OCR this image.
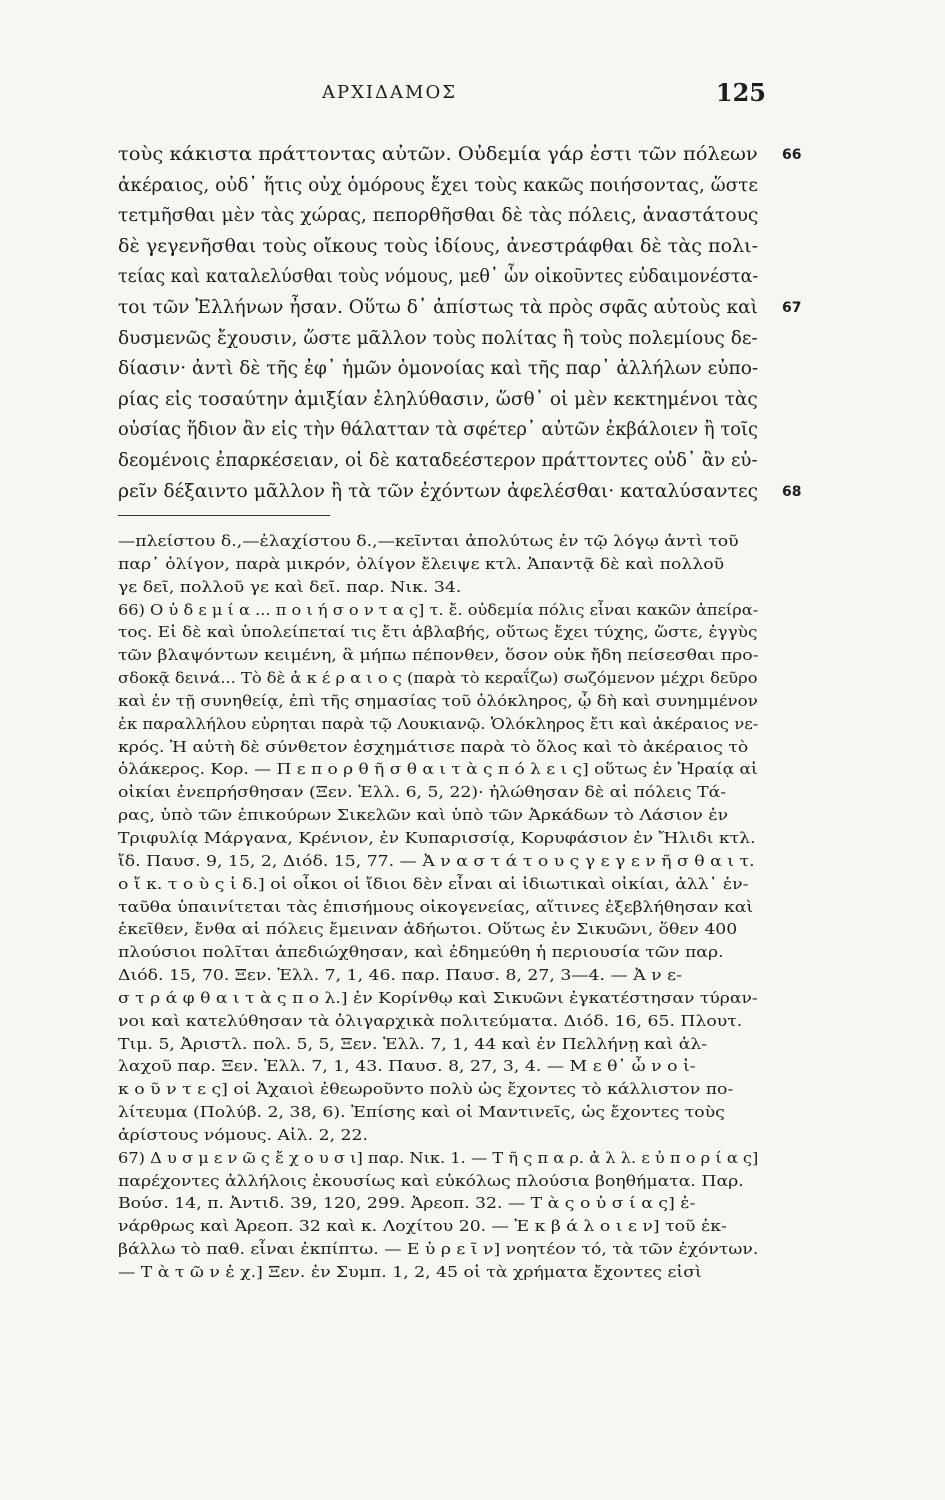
ΑΡΧΙΔΑΜΟΣ	125
τοὺς κάκιστα πράττοντας αὐτῶν. Οὐδεμία γάρ ἐστι τῶν πόλεων 66
ἀκέραιος, οὐδ᾽ ἥτις οὐχ ὁμόρους ἔχει τοὺς κακῶς ποιήσοντας, ὥστε
τετμῆσθαι μὲν τὰς χώρας, πεπορθῆσθαι δὲ τὰς πόλεις, ἀναστάτους
δὲ γεγενῆσθαι τοὺς οἴκους τοὺς ἰδίους, ἀνεστράφθαι δὲ τὰς πολι-
τείας καὶ καταλελύσθαι τοὺς νόμους, μεθ᾽ ὧν οἰκοῦντες εὐδαιμονέστα-
τοι τῶν Ἑλλήνων ἦσαν. Οὕτω δ᾽ ἀπίστως τὰ πρὸς σφᾶς αὐτοὺς καὶ 67
δυσμενῶς ἔχουσιν, ὥστε μᾶλλον τοὺς πολίτας ἢ τοὺς πολεμίους δε-
δίασιν· ἀντὶ δὲ τῆς ἐφ᾽ ἡμῶν ὁμονοίας καὶ τῆς παρ᾽ ἀλλήλων εὐπο-
ρίας εἰς τοσαύτην ἀμιξίαν ἐληλύθασιν, ὥσθ᾽ οἱ μὲν κεκτημένοι τὰς
οὐσίας ἥδιον ἂν εἰς τὴν θάλατταν τὰ σφέτερ᾽ αὐτῶν ἐκβάλοιεν ἢ τοῖς
δεομένοις ἐπαρκέσειαν, οἱ δὲ καταδεέστερον πράττοντες οὐδ᾽ ἂν εὑ-
ρεῖν δέξαιντο μᾶλλον ἢ τὰ τῶν ἐχόντων ἀφελέσθαι· καταλύσαντες 68
—πλείστου δ.,—ἐλαχίστου δ.,—κεῖνται ἀπολύτως ἐν τῷ λόγῳ ἀντὶ τοῦ
παρ᾽ ὀλίγον, παρὰ μικρόν, ὀλίγον ἔλειψε κτλ. Ἁπαντᾷ δὲ καὶ πολλοῦ
γε δεῖ, πολλοῦ γε καὶ δεῖ. παρ. Νικ. 34.
66) Ο ὐ δ ε μ ί α ... π ο ι ή σ ο ν τ α ς] τ. ἔ. οὐδεμία πόλις εἶναι κακῶν ἀπείρα-
τος. Εἰ δὲ καὶ ὑπολείπεταί τις ἔτι ἀβλαβής, οὕτως ἔχει τύχης, ὥστε, ἐγγὺς
τῶν βλαψόντων κειμένη, ἃ μήπω πέπονθεν, ὅσον οὐκ ἤδη πείσεσθαι προ-
σδοκᾷ δεινά... Τὸ δὲ ἀ κ έ ρ α ι ο ς (παρὰ τὸ κεραΐζω) σωζόμενον μέχρι δεῦρο
καὶ ἐν τῇ συνηθείᾳ, ἐπὶ τῆς σημασίας τοῦ ὁλόκληρος, ᾧ δὴ καὶ συνημμένον
ἐκ παραλλήλου εὑρηται παρὰ τῷ Λουκιανῷ. Ὁλόκληρος ἔτι καὶ ἀκέραιος νε-
κρός. Ἡ αὐτὴ δὲ σύνθετον ἐσχημάτισε παρὰ τὸ ὅλος καὶ τὸ ἀκέραιος τὸ
ὁλάκερος. Κορ. — Π ε π ο ρ θ ῆ σ θ α ι τ ὰ ς π ό λ ε ι ς] οὕτως ἐν Ἡραίᾳ αἱ
οἰκίαι ἐνεπρήσθησαν (Ξεν. Ἑλλ. 6, 5, 22)· ἠλώθησαν δὲ αἱ πόλεις Τά-
ρας, ὑπὸ τῶν ἐπικούρων Σικελῶν καὶ ὑπὸ τῶν Ἀρκάδων τὸ Λάσιον ἐν
Τριφυλίᾳ Μάργανα, Κρένιον, ἐν Κυπαρισσίᾳ, Κορυφάσιον ἐν Ἤλιδι κτλ.
ἴδ. Παυσ. 9, 15, 2, Διόδ. 15, 77. — Ἀ ν α σ τ ά τ ο υ ς γ ε γ ε ν ῆ σ θ α ι τ.
ο ἴ κ. τ ο ὺ ς ἰ δ.] οἱ οἶκοι οἱ ἴδιοι δὲν εἶναι αἱ ἰδιωτικαὶ οἰκίαι, ἀλλ᾽ ἐν-
ταῦθα ὑπαινίτεται τὰς ἐπισήμους οἰκογενείας, αἵτινες ἐξεβλήθησαν καὶ
ἐκεῖθεν, ἔνθα αἱ πόλεις ἔμειναν ἀδήωτοι. Οὕτως ἐν Σικυῶνι, ὅθεν 400
πλούσιοι πολῖται ἀπεδιώχθησαν, καὶ ἐδημεύθη ἡ περιουσία τῶν παρ.
Διόδ. 15, 70. Ξεν. Ἑλλ. 7, 1, 46. παρ. Παυσ. 8, 27, 3—4. — Ἀ ν ε-
σ τ ρ ά φ θ α ι τ ὰ ς π ο λ.] ἐν Κορίνθῳ καὶ Σικυῶνι ἐγκατέστησαν τύραν-
νοι καὶ κατελύθησαν τὰ ὀλιγαρχικὰ πολιτεύματα. Διόδ. 16, 65. Πλουτ.
Τιμ. 5, Ἀριστλ. πολ. 5, 5, Ξεν. Ἑλλ. 7, 1, 44 καὶ ἐν Πελλήνῃ καὶ ἀλ-
λαχοῦ παρ. Ξεν. Ἑλλ. 7, 1, 43. Παυσ. 8, 27, 3, 4. — Μ ε θ᾽ ὧ ν ο ἰ-
κ ο ῦ ν τ ε ς] οἱ Ἀχαιοὶ ἐθεωροῦντο πολὺ ὡς ἔχοντες τὸ κάλλιστον πο-
λίτευμα (Πολύβ. 2, 38, 6). Ἐπίσης καὶ οἱ Μαντινεῖς, ὡς ἔχοντες τοὺς
ἀρίστους νόμους. Αἰλ. 2, 22.
67) Δ υ σ μ ε ν ῶ ς ἔ χ ο υ σ ι] παρ. Νικ. 1. — Τ ῆ ς π α ρ. ἀ λ λ. ε ὐ π ο ρ ί α ς]
παρέχοντες ἀλλήλοις ἑκουσίως καὶ εὐκόλως πλούσια βοηθήματα. Παρ.
Βούσ. 14, π. Ἀντιδ. 39, 120, 299. Ἀρεοπ. 32. — Τ ὰ ς ο ὐ σ ί α ς] ἐ-
νάρθρως καὶ Ἀρεοπ. 32 καὶ κ. Λοχίτου 20. — Ἐ κ β ά λ ο ι ε ν] τοῦ ἐκ-
βάλλω τὸ παθ. εἶναι ἐκπίπτω. — Ε ὑ ρ ε ῖ ν] νοητέον τό, τὰ τῶν ἐχόντων.
— Τ ὰ τ ῶ ν ἐ χ.] Ξεν. ἐν Συμπ. 1, 2, 45 οἱ τὰ χρήματα ἔχοντες εἰσὶ
